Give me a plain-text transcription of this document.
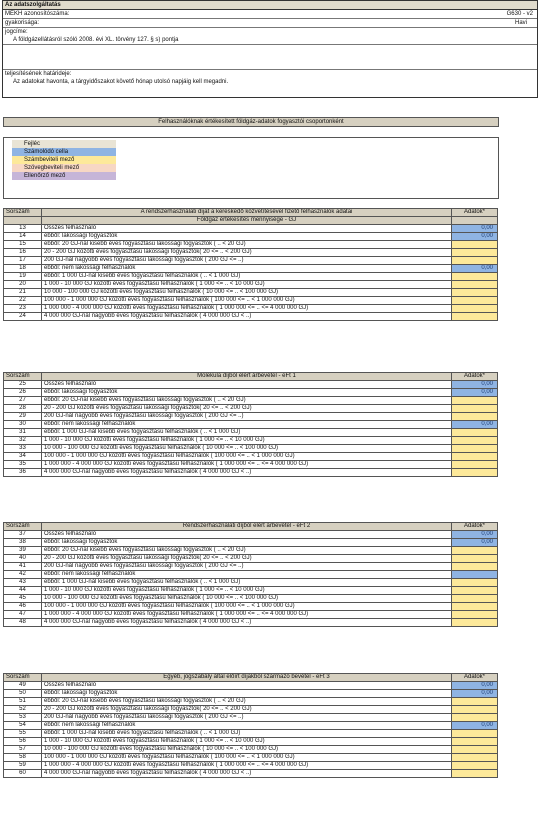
Az adatszolgáltatás
MEKH azonosítószáma:	G630 - v2
gyakorisága:	Havi
jogcíme:
A földgázellátásról szóló 2008. évi XL. törvény 127. § s) pontja
teljesítésének határideje:
Az adatokat havonta, a tárgyidőszakot követő hónap utolsó napjáig kell megadni.
Felhasználóknak értékesített földgáz-adatok fogyasztói csoportonként
Fejléc
Számolódó cella
Számbeviteli mező
Szövegbeviteli mező
Ellenőrző mező
Sorszám	A rendszerhasználati díjat a kereskedő közvetítésével fizető felhasználók adatai	Adatok*
	Földgáz értékesítés mennyisége - GJ	
13	Összes felhasználó	0,00
14	ebből: lakossági fogyasztók	0,00
15	ebből: 20 GJ-nál kisebb éves fogyasztású lakossági fogyasztók ( .. < 20 GJ)	
16	20 - 200 GJ közötti éves fogyasztású lakossági fogyasztók( 20 <= .. < 200 GJ)	
17	200 GJ-nál nagyobb éves fogyasztású lakossági fogyasztók ( 200 GJ <= ..)	
18	ebből: nem lakossági felhasználók	0,00
19	ebből: 1 000 GJ-nál kisebb éves fogyasztású felhasználók ( .. < 1 000 GJ)	
20	1 000 - 10 000 GJ közötti éves fogyasztású felhasználók ( 1 000 <= .. < 10 000 GJ)	
21	10 000 - 100 000 GJ közötti éves fogyasztású felhasználók ( 10 000 <= .. < 100 000 GJ)	
22	100 000 - 1 000 000 GJ közötti éves fogyasztású felhasználók ( 100 000 <= .. < 1 000 000 GJ)	
23	1 000 000 - 4 000 000 GJ közötti éves fogyasztású felhasználók ( 1 000 000 <= .. <= 4 000 000 GJ)	
24	4 000 000 GJ-nál nagyobb éves fogyasztású felhasználók ( 4 000 000 GJ < ..)	
Sorszám	Molekula díjból elért árbevétel - eFt 1	Adatok*
25	Összes felhasználó	0,00
26	ebből: lakossági fogyasztók	0,00
27	ebből: 20 GJ-nál kisebb éves fogyasztású lakossági fogyasztók ( .. < 20 GJ)	
28	20 - 200 GJ közötti éves fogyasztású lakossági fogyasztók( 20 <= .. < 200 GJ)	
29	200 GJ-nál nagyobb éves fogyasztású lakossági fogyasztók ( 200 GJ <= ..)	
30	ebből: nem lakossági felhasználók	0,00
31	ebből: 1 000 GJ-nál kisebb éves fogyasztású felhasználók ( .. < 1 000 GJ)	
32	1 000 - 10 000 GJ közötti éves fogyasztású felhasználók ( 1 000 <= .. < 10 000 GJ)	
33	10 000 - 100 000 GJ közötti éves fogyasztású felhasználók ( 10 000 <= .. < 100 000 GJ)	
34	100 000 - 1 000 000 GJ közötti éves fogyasztású felhasználók ( 100 000 <= .. < 1 000 000 GJ)	
35	1 000 000 - 4 000 000 GJ közötti éves fogyasztású felhasználók ( 1 000 000 <= .. <= 4 000 000 GJ)	
36	4 000 000 GJ-nál nagyobb éves fogyasztású felhasználók ( 4 000 000 GJ < ..)	
Sorszám	Rendszerhasználati díjból elért árbevétel - eFt 2	Adatok*
37	Összes felhasználó	0,00
38	ebből: lakossági fogyasztók	0,00
39	ebből: 20 GJ-nál kisebb éves fogyasztású lakossági fogyasztók ( .. < 20 GJ)	
40	20 - 200 GJ közötti éves fogyasztású lakossági fogyasztók( 20 <= .. < 200 GJ)	
41	200 GJ-nál nagyobb éves fogyasztású lakossági fogyasztók ( 200 GJ <= ..)	
42	ebből: nem lakossági felhasználók	
43	ebből: 1 000 GJ-nál kisebb éves fogyasztású felhasználók ( .. < 1 000 GJ)	
44	1 000 - 10 000 GJ közötti éves fogyasztású felhasználók ( 1 000 <= .. < 10 000 GJ)	
45	10 000 - 100 000 GJ közötti éves fogyasztású felhasználók ( 10 000 <= .. < 100 000 GJ)	
46	100 000 - 1 000 000 GJ közötti éves fogyasztású felhasználók ( 100 000 <= .. < 1 000 000 GJ)	
47	1 000 000 - 4 000 000 GJ közötti éves fogyasztású felhasználók ( 1 000 000 <= .. <= 4 000 000 GJ)	
48	4 000 000 GJ-nál nagyobb éves fogyasztású felhasználók ( 4 000 000 GJ < ..)	
Sorszám	Egyéb, jogszabály által előírt díjakból származó bevétel - eFt 3	Adatok*
49	Összes felhasználó	0,00
50	ebből: lakossági fogyasztók	0,00
51	ebből: 20 GJ-nál kisebb éves fogyasztású lakossági fogyasztók ( .. < 20 GJ)	
52	20 - 200 GJ közötti éves fogyasztású lakossági fogyasztók( 20 <= .. < 200 GJ)	
53	200 GJ-nál nagyobb éves fogyasztású lakossági fogyasztók ( 200 GJ <= ..)	
54	ebből: nem lakossági felhasználók	0,00
55	ebből: 1 000 GJ-nál kisebb éves fogyasztású felhasználók ( .. < 1 000 GJ)	
56	1 000 - 10 000 GJ közötti éves fogyasztású felhasználók ( 1 000 <= .. < 10 000 GJ)	
57	10 000 - 100 000 GJ közötti éves fogyasztású felhasználók ( 10 000 <= .. < 100 000 GJ)	
58	100 000 - 1 000 000 GJ közötti éves fogyasztású felhasználók ( 100 000 <= .. < 1 000 000 GJ)	
59	1 000 000 - 4 000 000 GJ közötti éves fogyasztású felhasználók ( 1 000 000 <= .. <= 4 000 000 GJ)	
60	4 000 000 GJ-nál nagyobb éves fogyasztású felhasználók ( 4 000 000 GJ < ..)	
